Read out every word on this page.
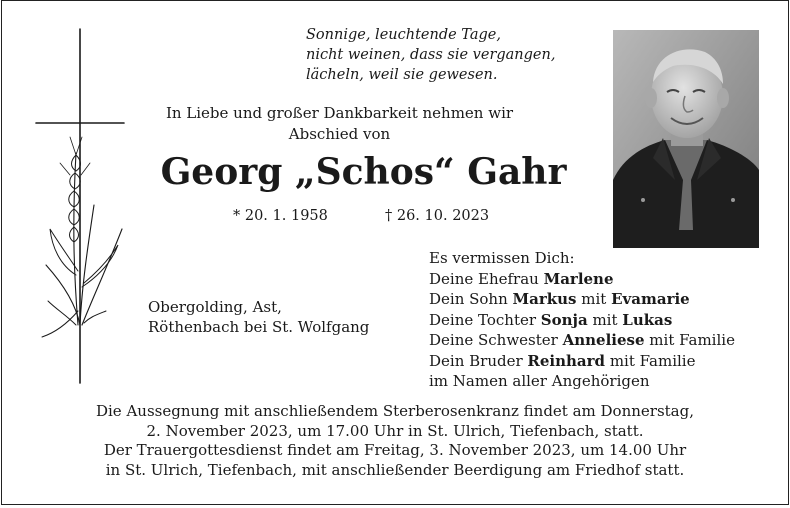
Sonnige, leuchtende Tage,
nicht weinen, dass sie vergangen,
lächeln, weil sie gewesen.
In Liebe und großer Dankbarkeit nehmen wir
Abschied von
Georg „Schos“ Gahr
* 20. 1. 1958	† 26. 10. 2023
Obergolding, Ast,
Röthenbach bei St. Wolfgang
Es vermissen Dich:
Deine Ehefrau Marlene
Dein Sohn Markus mit Evamarie
Deine Tochter Sonja mit Lukas
Deine Schwester Anneliese mit Familie
Dein Bruder Reinhard mit Familie
im Namen aller Angehörigen
Die Aussegnung mit anschließendem Sterberosenkranz findet am Donnerstag,
2. November 2023, um 17.00 Uhr in St. Ulrich, Tiefenbach, statt.
Der Trauergottesdienst findet am Freitag, 3. November 2023, um 14.00 Uhr
in St. Ulrich, Tiefenbach, mit anschließender Beerdigung am Friedhof statt.
